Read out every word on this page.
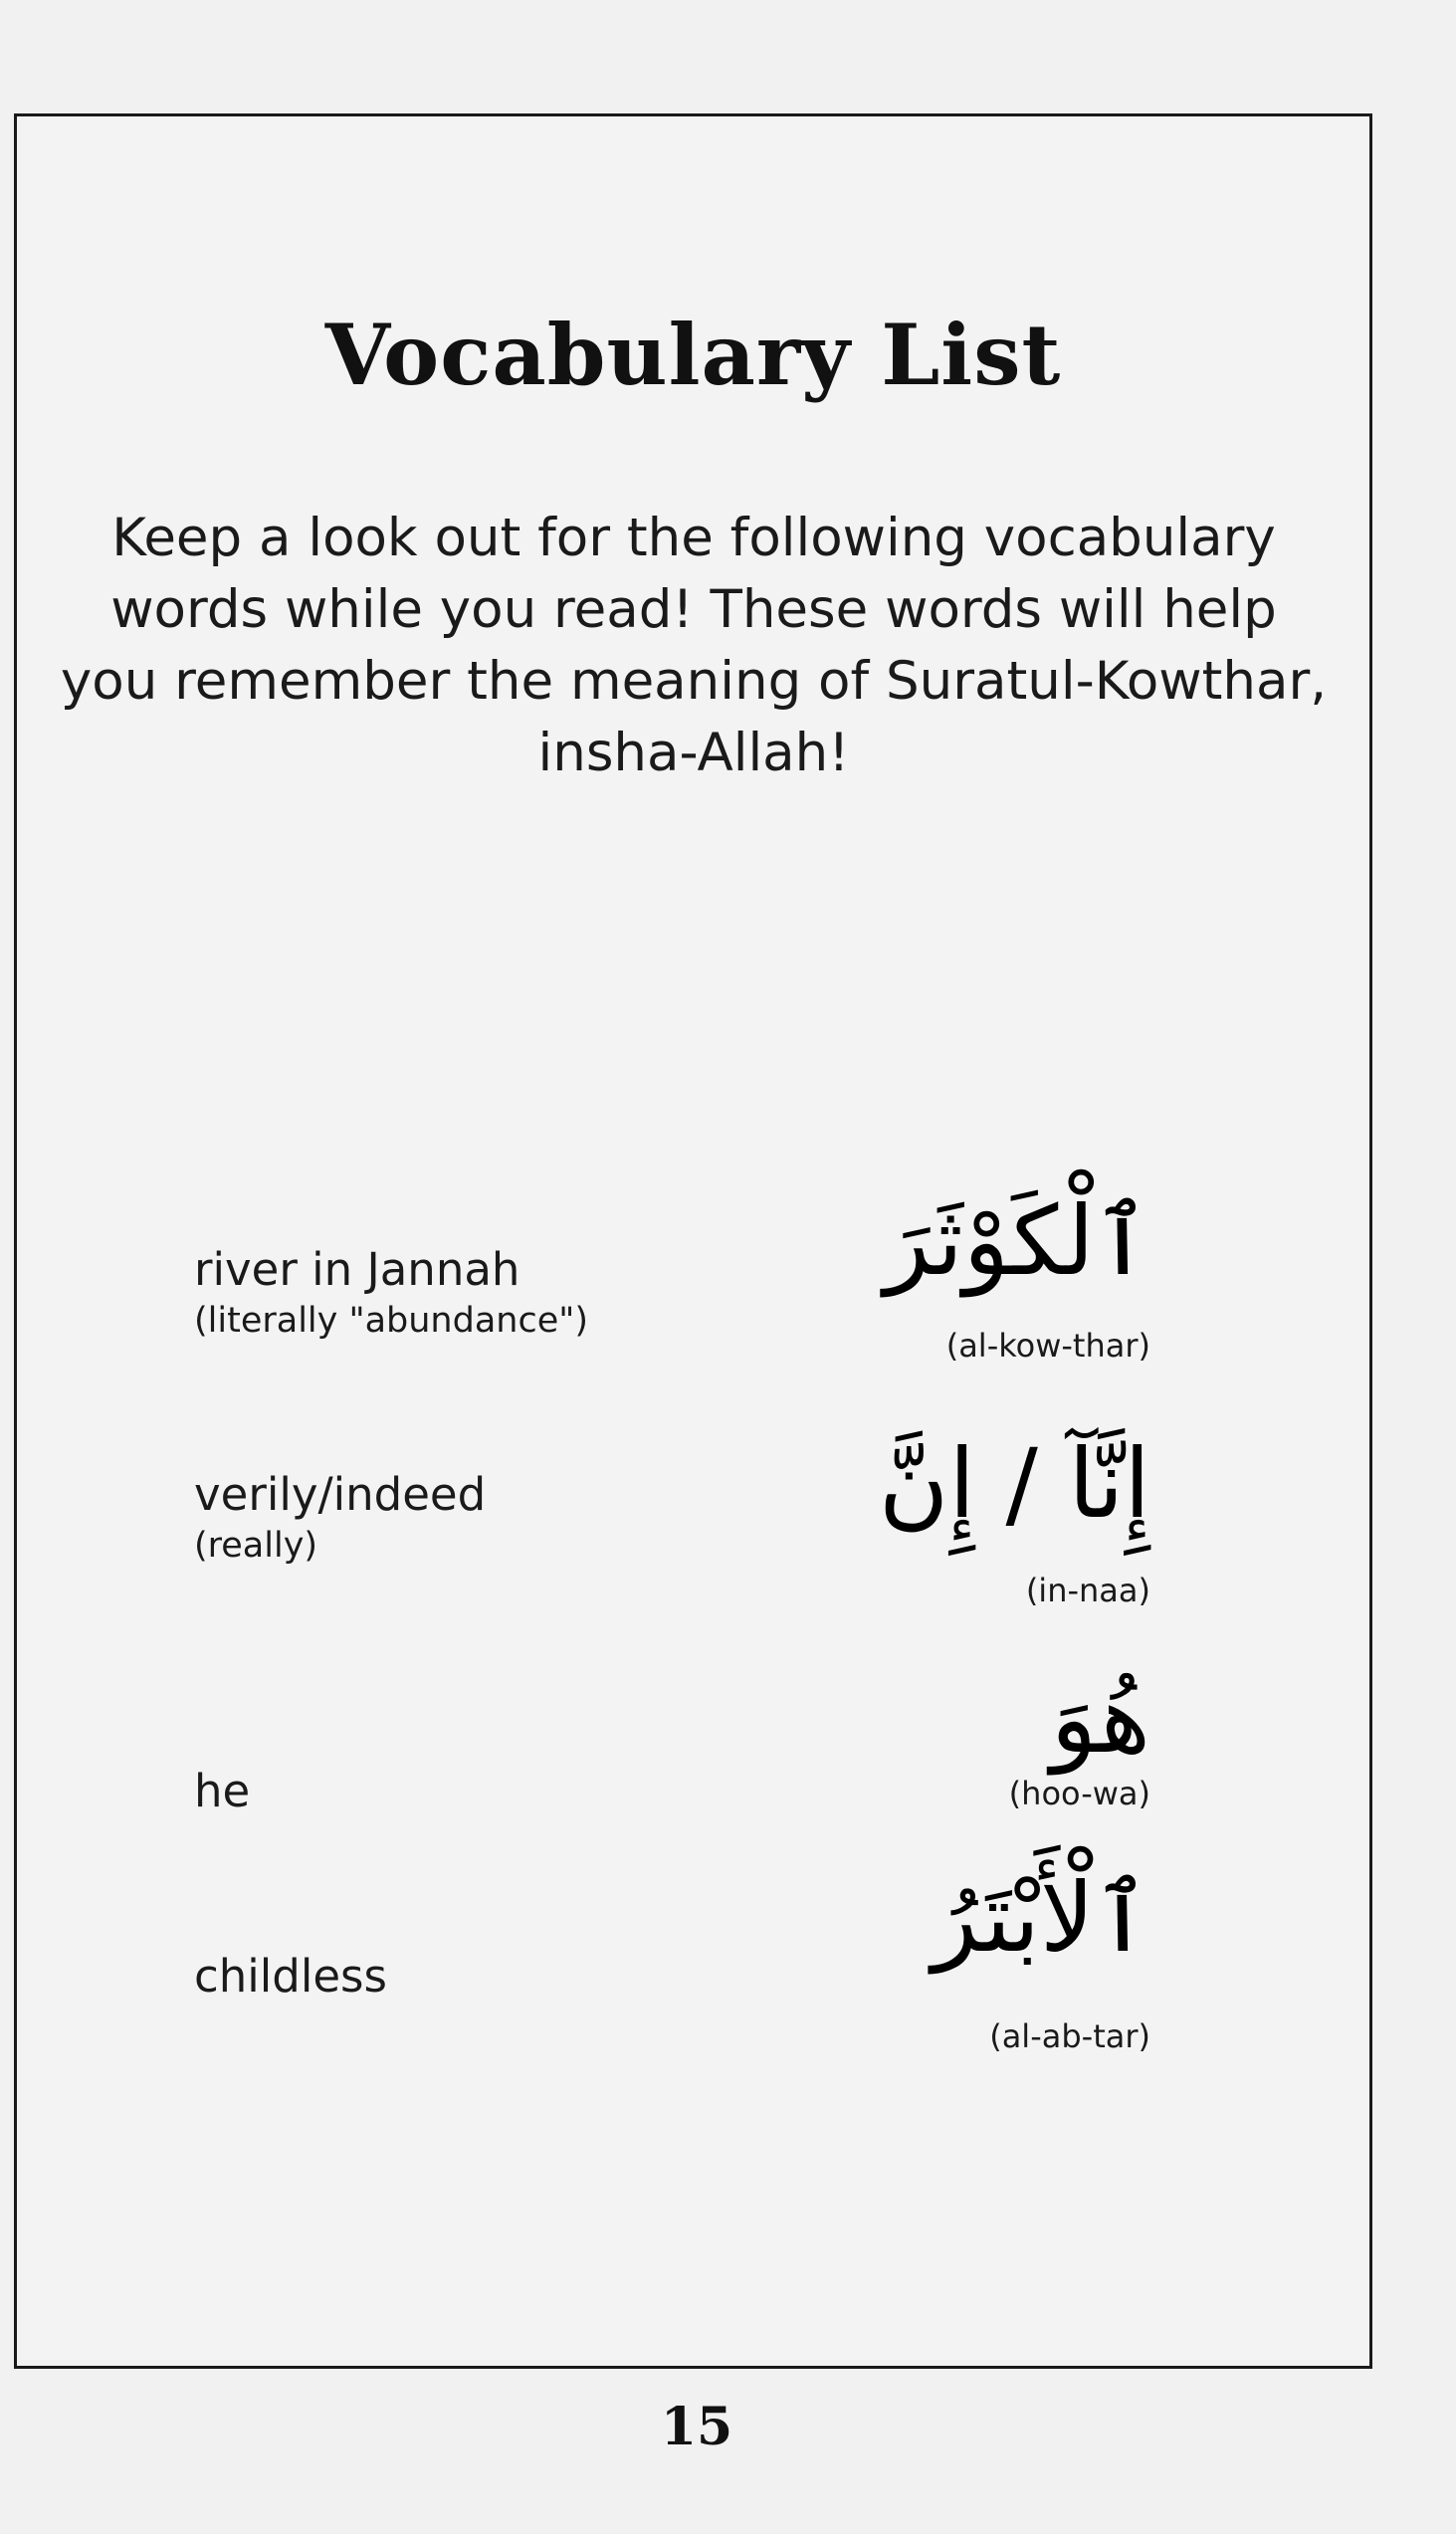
Vocabulary List

Keep a look out for the following vocabulary words while you read! These words will help you remember the meaning of Suratul-Kowthar, insha-Allah!

river in Jannah
(literally "abundance")
ٱلْكَوْثَرَ
(al-kow-thar)
verily/indeed
(really)
إِنَّآ / إِنَّ
(in-naa)
he
هُوَ
(hoo-wa)
childless
ٱلْأَبْتَرُ
(al-ab-tar)
15
